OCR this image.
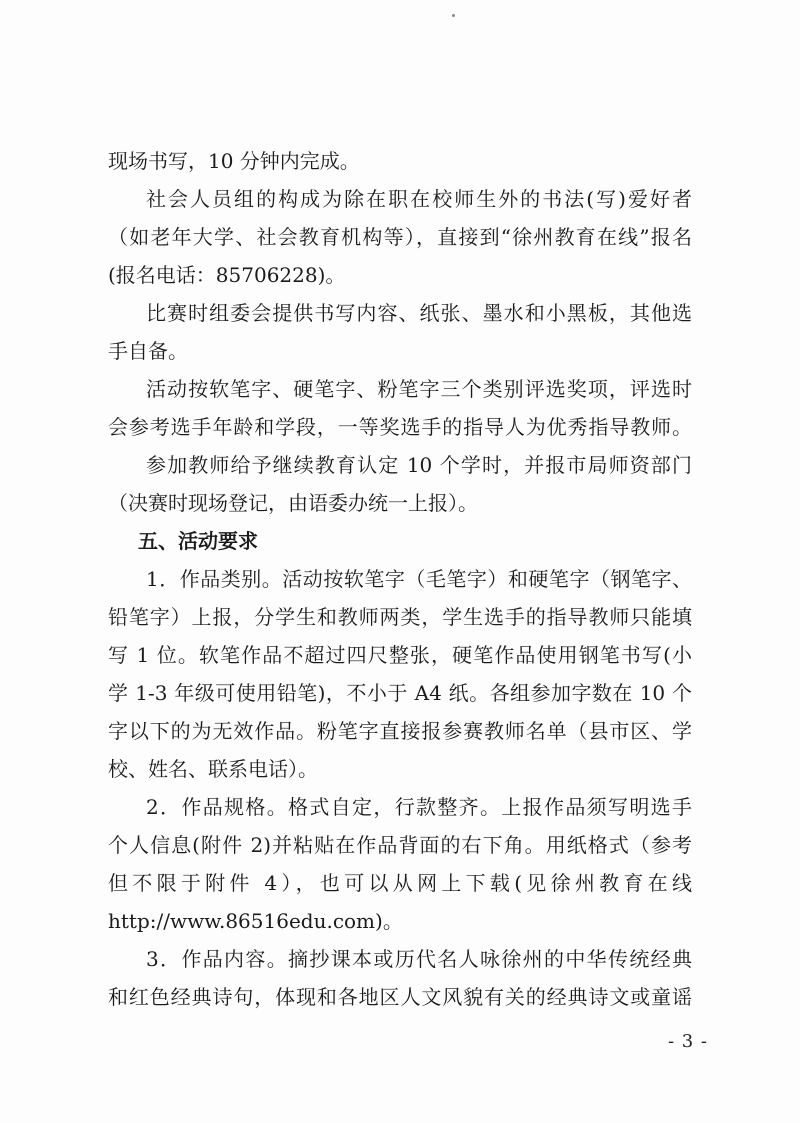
现场书写，10 分钟内完成。
社会人员组的构成为除在职在校师生外的书法(写)爱好者
（如老年大学、社会教育机构等），直接到“徐州教育在线”报名
(报名电话：85706228)。
比赛时组委会提供书写内容、纸张、墨水和小黑板，其他选
手自备。
活动按软笔字、硬笔字、粉笔字三个类别评选奖项，评选时
会参考选手年龄和学段，一等奖选手的指导人为优秀指导教师。
参加教师给予继续教育认定 10 个学时，并报市局师资部门
（决赛时现场登记，由语委办统一上报）。
五、活动要求
1．作品类别。活动按软笔字（毛笔字）和硬笔字（钢笔字、
铅笔字）上报，分学生和教师两类，学生选手的指导教师只能填
写 1 位。软笔作品不超过四尺整张，硬笔作品使用钢笔书写(小
学 1-3 年级可使用铅笔)，不小于 A4 纸。各组参加字数在 10 个
字以下的为无效作品。粉笔字直接报参赛教师名单（县市区、学
校、姓名、联系电话）。
2．作品规格。格式自定，行款整齐。上报作品须写明选手
个人信息(附件 2)并粘贴在作品背面的右下角。用纸格式（参考
但不限于附件 4），也可以从网上下载(见徐州教育在线
http://www.86516edu.com)。
3．作品内容。摘抄课本或历代名人咏徐州的中华传统经典
和红色经典诗句，体现和各地区人文风貌有关的经典诗文或童谣
- 3 -
